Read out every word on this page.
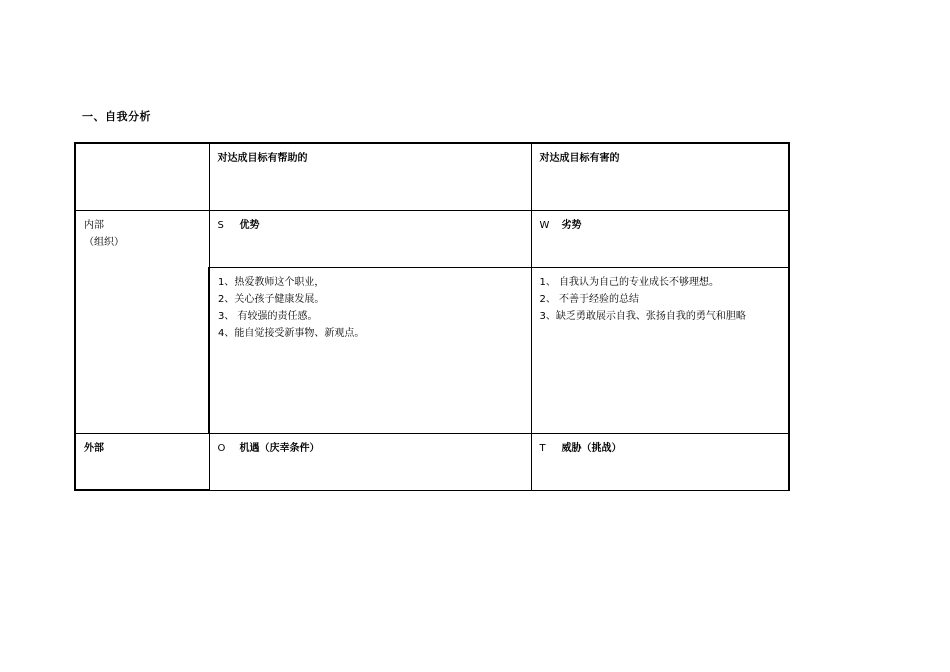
一、自我分析
	对达成目标有帮助的	对达成目标有害的

内部
（组织）	S 优势	W 劣势

	1、热爱教师这个职业，
2、关心孩子健康发展。
3、 有较强的责任感。
4、能自觉接受新事物、新观点。	1、 自我认为自己的专业成长不够理想。
2、 不善于经验的总结
3、缺乏勇敢展示自我、张扬自我的勇气和胆略

外部	O 机遇（庆幸条件）	T 威胁（挑战）
